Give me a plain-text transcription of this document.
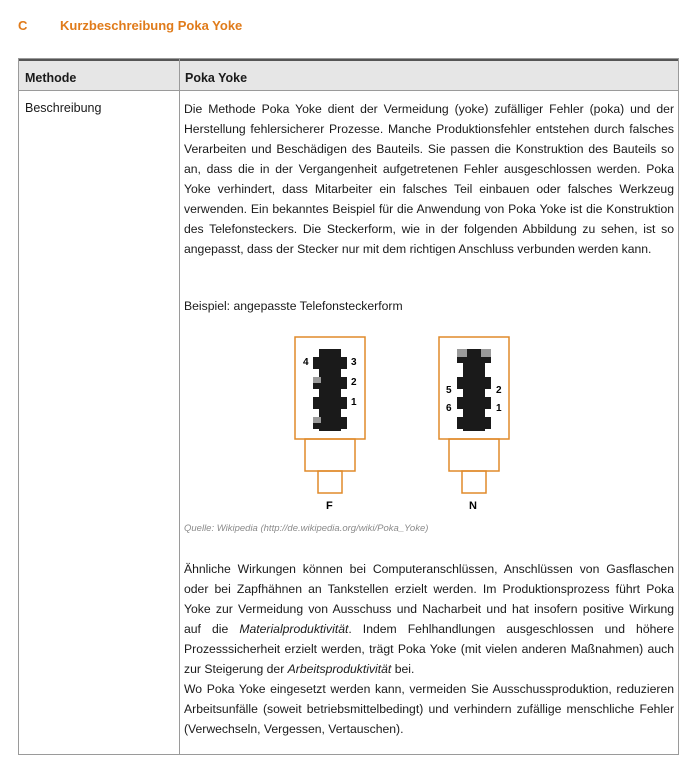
C	Kurzbeschreibung Poka Yoke
Methode	Poka Yoke
Beschreibung	Die Methode Poka Yoke dient der Vermeidung (yoke) zufälliger Fehler (poka) und der Herstellung fehlersicherer Prozesse. Manche Produktionsfehler entstehen durch falsches Verarbeiten und Beschädigen des Bauteils. Sie passen die Konstruktion des Bauteils so an, dass die in der Vergangenheit aufgetretenen Fehler ausgeschlossen werden. Poka Yoke verhindert, dass Mitarbeiter ein falsches Teil einbauen oder falsches Werkzeug verwenden. Ein bekanntes Beispiel für die Anwendung von Poka Yoke ist die Konstruktion des Telefonsteckers. Die Steckerform, wie in der folgenden Abbildung zu sehen, ist so angepasst, dass der Stecker nur mit dem richtigen Anschluss verbunden werden kann.
Beispiel: angepasste Telefonsteckerform
4	3
2
1
F
5
6
2
1
N
Quelle: Wikipedia (http://de.wikipedia.org/wiki/Poka_Yoke)
Ähnliche Wirkungen können bei Computeranschlüssen, Anschlüssen von Gasflaschen oder bei Zapfhähnen an Tankstellen erzielt werden. Im Produktionsprozess führt Poka Yoke zur Vermeidung von Ausschuss und Nacharbeit und hat insofern positive Wirkung auf die Materialproduktivität. Indem Fehlhandlungen ausgeschlossen und höhere Prozesssicherheit erzielt werden, trägt Poka Yoke (mit vielen anderen Maßnahmen) auch zur Steigerung der Arbeitsproduktivität bei.
Wo Poka Yoke eingesetzt werden kann, vermeiden Sie Ausschussproduktion, reduzieren Arbeitsunfälle (soweit betriebsmittelbedingt) und verhindern zufällige menschliche Fehler (Verwechseln, Vergessen, Vertauschen).
